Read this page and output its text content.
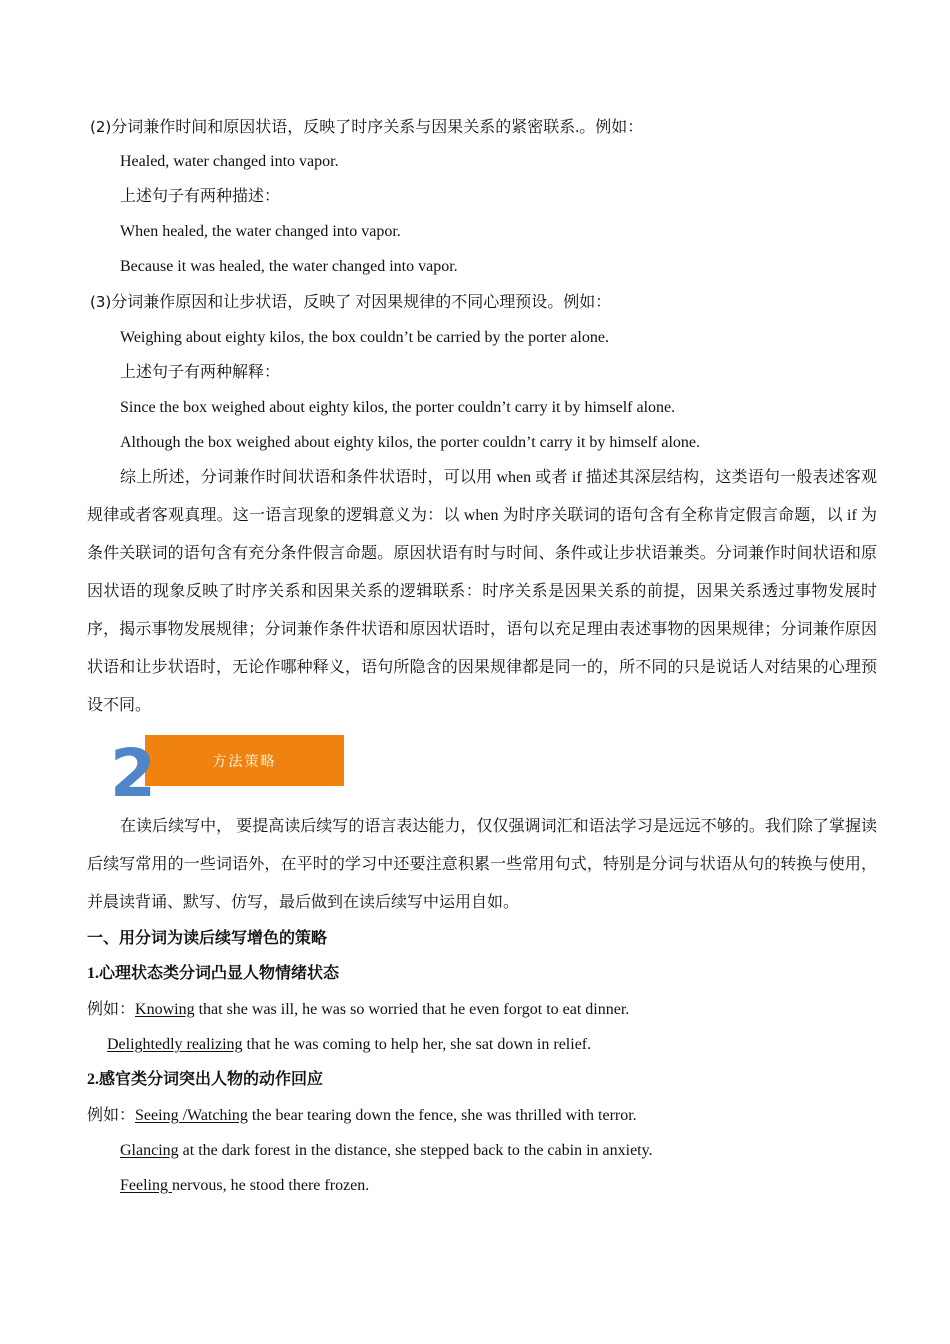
(2)分词兼作时间和原因状语，反映了时序关系与因果关系的紧密联系.。例如：
Healed, water changed into vapor.
上述句子有两种描述：
When healed, the water changed into vapor.
Because it was healed, the water changed into vapor.
(3)分词兼作原因和让步状语，反映了 对因果规律的不同心理预设。例如：
Weighing about eighty kilos, the box couldn’t be carried by the porter alone.
上述句子有两种解释：
Since the box weighed about eighty kilos, the porter couldn’t carry it by himself alone.
Although the box weighed about eighty kilos, the porter couldn’t carry it by himself alone.
综上所述，分词兼作时间状语和条件状语时，可以用 when 或者 if 描述其深层结构，这类语句一般表述客观规律或者客观真理。这一语言现象的逻辑意义为：以 when 为时序关联词的语句含有全称肯定假言命题，以 if 为条件关联词的语句含有充分条件假言命题。原因状语有时与时间、条件或让步状语兼类。分词兼作时间状语和原因状语的现象反映了时序关系和因果关系的逻辑联系：时序关系是因果关系的前提，因果关系透过事物发展时序，揭示事物发展规律；分词兼作条件状语和原因状语时，语句以充足理由表述事物的因果规律；分词兼作原因状语和让步状语时，无论作哪种释义，语句所隐含的因果规律都是同一的，所不同的只是说话人对结果的心理预设不同。
方法策略
2
在读后续写中， 要提高读后续写的语言表达能力，仅仅强调词汇和语法学习是远远不够的。我们除了掌握读后续写常用的一些词语外，在平时的学习中还要注意积累一些常用句式，特别是分词与状语从句的转换与使用，并晨读背诵、默写、仿写，最后做到在读后续写中运用自如。
一、用分词为读后续写增色的策略
1.心理状态类分词凸显人物情绪状态
例如：Knowing that she was ill, he was so worried that he even forgot to eat dinner.
Delightedly realizing that he was coming to help her, she sat down in relief.
2.感官类分词突出人物的动作回应
例如：Seeing /Watching the bear tearing down the fence, she was thrilled with terror.
Glancing at the dark forest in the distance, she stepped back to the cabin in anxiety.
Feeling nervous, he stood there frozen.
